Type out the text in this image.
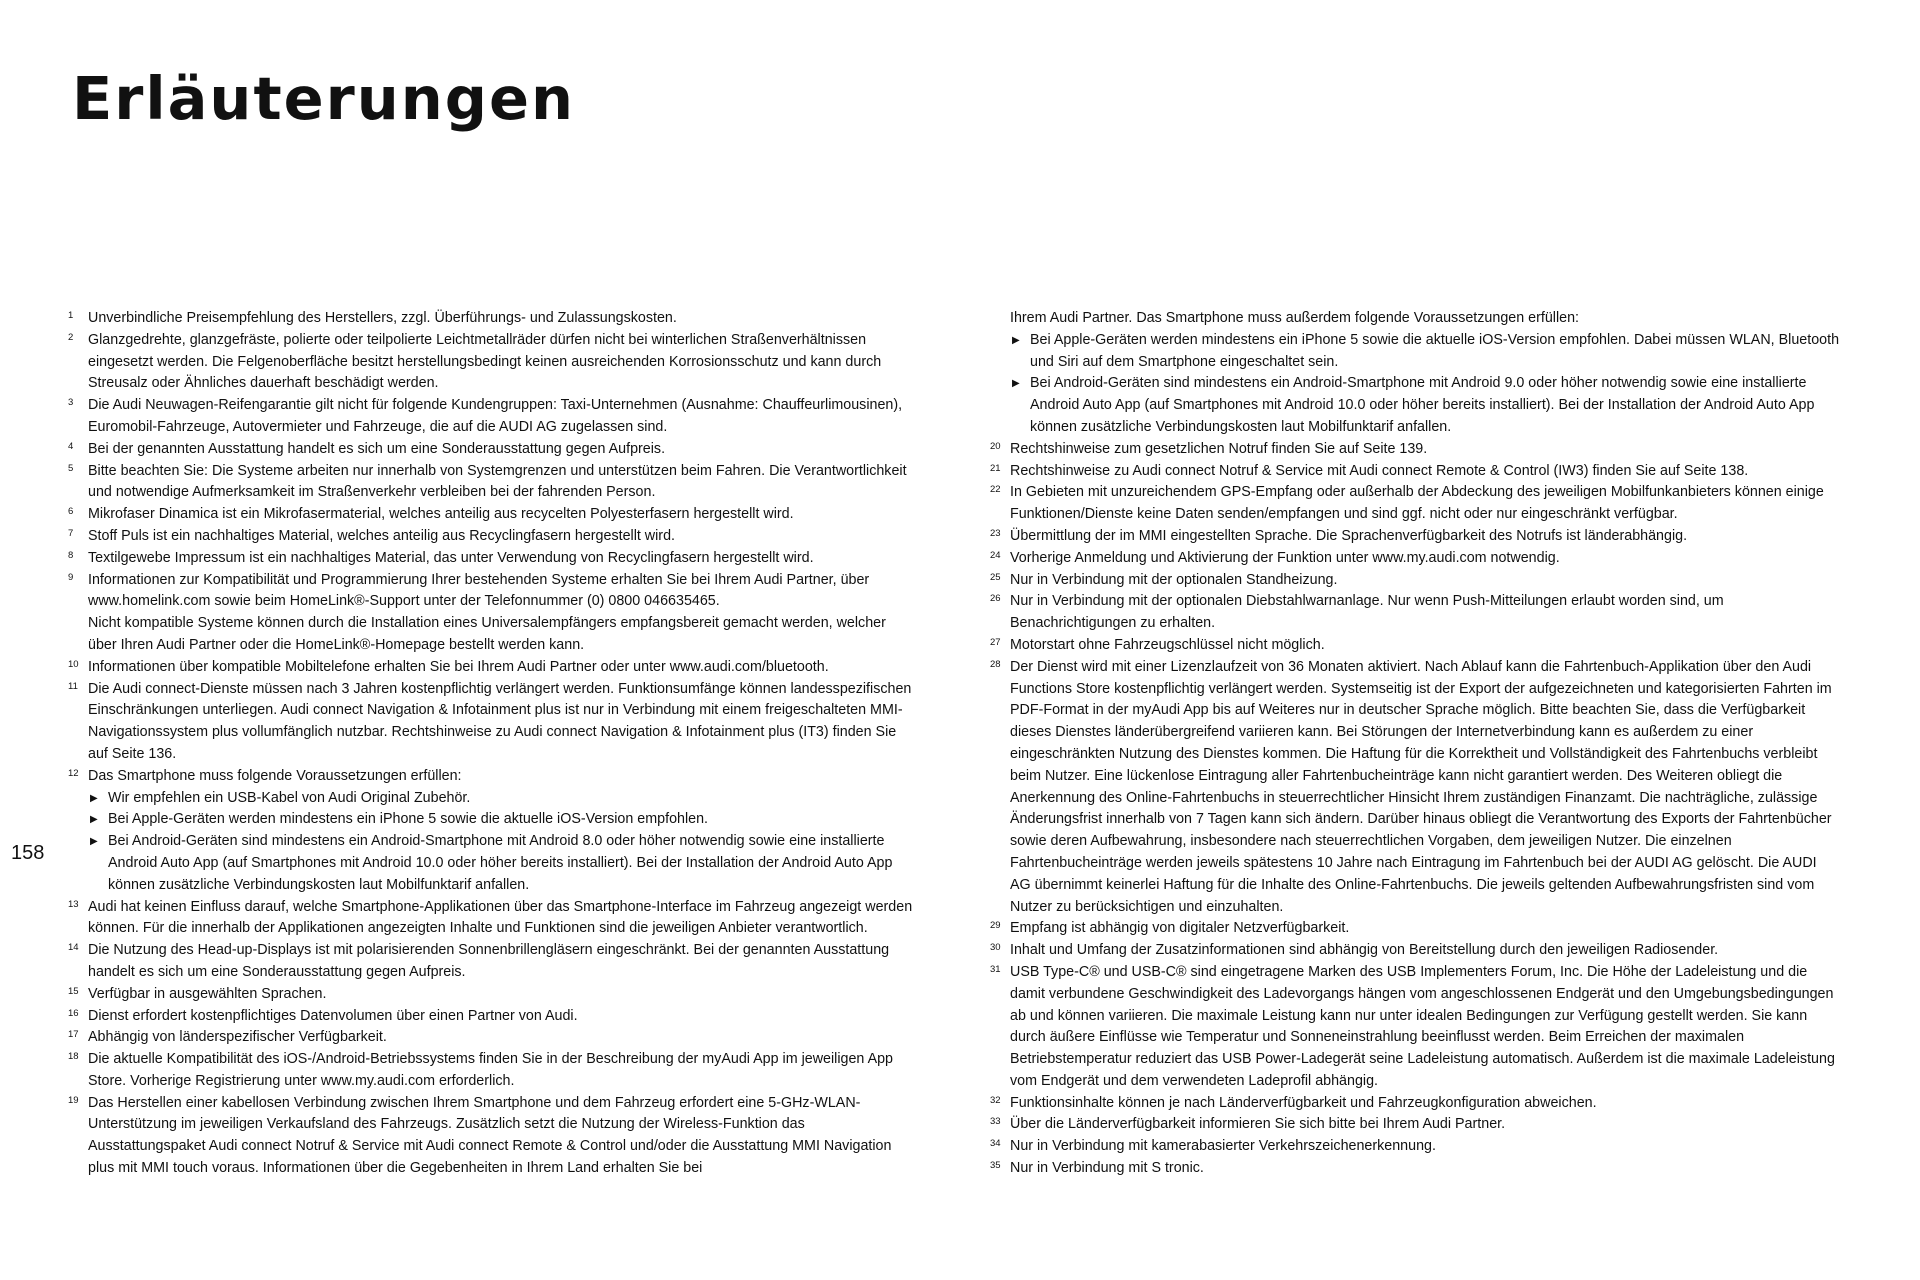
Erläuterungen
158
1 Unverbindliche Preisempfehlung des Herstellers, zzgl. Überführungs- und Zulassungskosten.
2 Glanzgedrehte, glanzgefräste, polierte oder teilpolierte Leichtmetallräder dürfen nicht bei winterlichen Straßenverhältnissen eingesetzt werden. Die Felgenoberfläche besitzt herstellungsbedingt keinen ausreichenden Korrosionsschutz und kann durch Streusalz oder Ähnliches dauerhaft beschädigt werden.
3 Die Audi Neuwagen-Reifengarantie gilt nicht für folgende Kundengruppen: Taxi-Unternehmen (Ausnahme: Chauffeurlimousinen), Euromobil-Fahrzeuge, Autovermieter und Fahrzeuge, die auf die AUDI AG zugelassen sind.
4 Bei der genannten Ausstattung handelt es sich um eine Sonderausstattung gegen Aufpreis.
5 Bitte beachten Sie: Die Systeme arbeiten nur innerhalb von Systemgrenzen und unterstützen beim Fahren. Die Verantwortlichkeit und notwendige Aufmerksamkeit im Straßenverkehr verbleiben bei der fahrenden Person.
6 Mikrofaser Dinamica ist ein Mikrofasermaterial, welches anteilig aus recycelten Polyesterfasern hergestellt wird.
7 Stoff Puls ist ein nachhaltiges Material, welches anteilig aus Recyclingfasern hergestellt wird.
8 Textilgewebe Impressum ist ein nachhaltiges Material, das unter Verwendung von Recyclingfasern hergestellt wird.
9 Informationen zur Kompatibilität und Programmierung Ihrer bestehenden Systeme erhalten Sie bei Ihrem Audi Partner, über www.homelink.com sowie beim HomeLink®-Support unter der Telefonnummer (0) 0800 046635465.
Nicht kompatible Systeme können durch die Installation eines Universalempfängers empfangsbereit gemacht werden, welcher über Ihren Audi Partner oder die HomeLink®-Homepage bestellt werden kann.
10 Informationen über kompatible Mobiltelefone erhalten Sie bei Ihrem Audi Partner oder unter www.audi.com/bluetooth.
11 Die Audi connect-Dienste müssen nach 3 Jahren kostenpflichtig verlängert werden. Funktionsumfänge können landesspezifischen Einschränkungen unterliegen. Audi connect Navigation & Infotainment plus ist nur in Verbindung mit einem freigeschalteten MMI-Navigationssystem plus vollumfänglich nutzbar. Rechtshinweise zu Audi connect Navigation & Infotainment plus (IT3) finden Sie auf Seite 136.
12 Das Smartphone muss folgende Voraussetzungen erfüllen:
▶ Wir empfehlen ein USB-Kabel von Audi Original Zubehör.
▶ Bei Apple-Geräten werden mindestens ein iPhone 5 sowie die aktuelle iOS-Version empfohlen.
▶ Bei Android-Geräten sind mindestens ein Android-Smartphone mit Android 8.0 oder höher notwendig sowie eine installierte Android Auto App (auf Smartphones mit Android 10.0 oder höher bereits installiert). Bei der Installation der Android Auto App können zusätzliche Verbindungskosten laut Mobilfunktarif anfallen.
13 Audi hat keinen Einfluss darauf, welche Smartphone-Applikationen über das Smartphone-Interface im Fahrzeug angezeigt werden können. Für die innerhalb der Applikationen angezeigten Inhalte und Funktionen sind die jeweiligen Anbieter verantwortlich.
14 Die Nutzung des Head-up-Displays ist mit polarisierenden Sonnenbrillengläsern eingeschränkt. Bei der genannten Ausstattung handelt es sich um eine Sonderausstattung gegen Aufpreis.
15 Verfügbar in ausgewählten Sprachen.
16 Dienst erfordert kostenpflichtiges Datenvolumen über einen Partner von Audi.
17 Abhängig von länderspezifischer Verfügbarkeit.
18 Die aktuelle Kompatibilität des iOS-/Android-Betriebssystems finden Sie in der Beschreibung der myAudi App im jeweiligen App Store. Vorherige Registrierung unter www.my.audi.com erforderlich.
19 Das Herstellen einer kabellosen Verbindung zwischen Ihrem Smartphone und dem Fahrzeug erfordert eine 5-GHz-WLAN-Unterstützung im jeweiligen Verkaufsland des Fahrzeugs. Zusätzlich setzt die Nutzung der Wireless-Funktion das Ausstattungspaket Audi connect Notruf & Service mit Audi connect Remote & Control und/oder die Ausstattung MMI Navigation plus mit MMI touch voraus. Informationen über die Gegebenheiten in Ihrem Land erhalten Sie bei
Ihrem Audi Partner. Das Smartphone muss außerdem folgende Voraussetzungen erfüllen:
▶ Bei Apple-Geräten werden mindestens ein iPhone 5 sowie die aktuelle iOS-Version empfohlen. Dabei müssen WLAN, Bluetooth und Siri auf dem Smartphone eingeschaltet sein.
▶ Bei Android-Geräten sind mindestens ein Android-Smartphone mit Android 9.0 oder höher notwendig sowie eine installierte Android Auto App (auf Smartphones mit Android 10.0 oder höher bereits installiert). Bei der Installation der Android Auto App können zusätzliche Verbindungskosten laut Mobilfunktarif anfallen.
20 Rechtshinweise zum gesetzlichen Notruf finden Sie auf Seite 139.
21 Rechtshinweise zu Audi connect Notruf & Service mit Audi connect Remote & Control (IW3) finden Sie auf Seite 138.
22 In Gebieten mit unzureichendem GPS-Empfang oder außerhalb der Abdeckung des jeweiligen Mobilfunkanbieters können einige Funktionen/Dienste keine Daten senden/empfangen und sind ggf. nicht oder nur eingeschränkt verfügbar.
23 Übermittlung der im MMI eingestellten Sprache. Die Sprachenverfügbarkeit des Notrufs ist länderabhängig.
24 Vorherige Anmeldung und Aktivierung der Funktion unter www.my.audi.com notwendig.
25 Nur in Verbindung mit der optionalen Standheizung.
26 Nur in Verbindung mit der optionalen Diebstahlwarnanlage. Nur wenn Push-Mitteilungen erlaubt worden sind, um Benachrichtigungen zu erhalten.
27 Motorstart ohne Fahrzeugschlüssel nicht möglich.
28 Der Dienst wird mit einer Lizenzlaufzeit von 36 Monaten aktiviert. Nach Ablauf kann die Fahrtenbuch-Applikation über den Audi Functions Store kostenpflichtig verlängert werden. Systemseitig ist der Export der aufgezeichneten und kategorisierten Fahrten im PDF-Format in der myAudi App bis auf Weiteres nur in deutscher Sprache möglich. Bitte beachten Sie, dass die Verfügbarkeit dieses Dienstes länderübergreifend variieren kann. Bei Störungen der Internetverbindung kann es außerdem zu einer eingeschränkten Nutzung des Dienstes kommen. Die Haftung für die Korrektheit und Vollständigkeit des Fahrtenbuchs verbleibt beim Nutzer. Eine lückenlose Eintragung aller Fahrtenbucheinträge kann nicht garantiert werden. Des Weiteren obliegt die Anerkennung des Online-Fahrtenbuchs in steuerrechtlicher Hinsicht Ihrem zuständigen Finanzamt. Die nachträgliche, zulässige Änderungsfrist innerhalb von 7 Tagen kann sich ändern. Darüber hinaus obliegt die Verantwortung des Exports der Fahrtenbücher sowie deren Aufbewahrung, insbesondere nach steuerrechtlichen Vorgaben, dem jeweiligen Nutzer. Die einzelnen Fahrtenbucheinträge werden jeweils spätestens 10 Jahre nach Eintragung im Fahrtenbuch bei der AUDI AG gelöscht. Die AUDI AG übernimmt keinerlei Haftung für die Inhalte des Online-Fahrtenbuchs. Die jeweils geltenden Aufbewahrungsfristen sind vom Nutzer zu berücksichtigen und einzuhalten.
29 Empfang ist abhängig von digitaler Netzverfügbarkeit.
30 Inhalt und Umfang der Zusatzinformationen sind abhängig von Bereitstellung durch den jeweiligen Radiosender.
31 USB Type-C® und USB-C® sind eingetragene Marken des USB Implementers Forum, Inc. Die Höhe der Ladeleistung und die damit verbundene Geschwindigkeit des Ladevorgangs hängen vom angeschlossenen Endgerät und den Umgebungsbedingungen ab und können variieren. Die maximale Leistung kann nur unter idealen Bedingungen zur Verfügung gestellt werden. Sie kann durch äußere Einflüsse wie Temperatur und Sonneneinstrahlung beeinflusst werden. Beim Erreichen der maximalen Betriebstemperatur reduziert das USB Power-Ladegerät seine Ladeleistung automatisch. Außerdem ist die maximale Ladeleistung vom Endgerät und dem verwendeten Ladeprofil abhängig.
32 Funktionsinhalte können je nach Länderverfügbarkeit und Fahrzeugkonfiguration abweichen.
33 Über die Länderverfügbarkeit informieren Sie sich bitte bei Ihrem Audi Partner.
34 Nur in Verbindung mit kamerabasierter Verkehrszeichenerkennung.
35 Nur in Verbindung mit S tronic.
